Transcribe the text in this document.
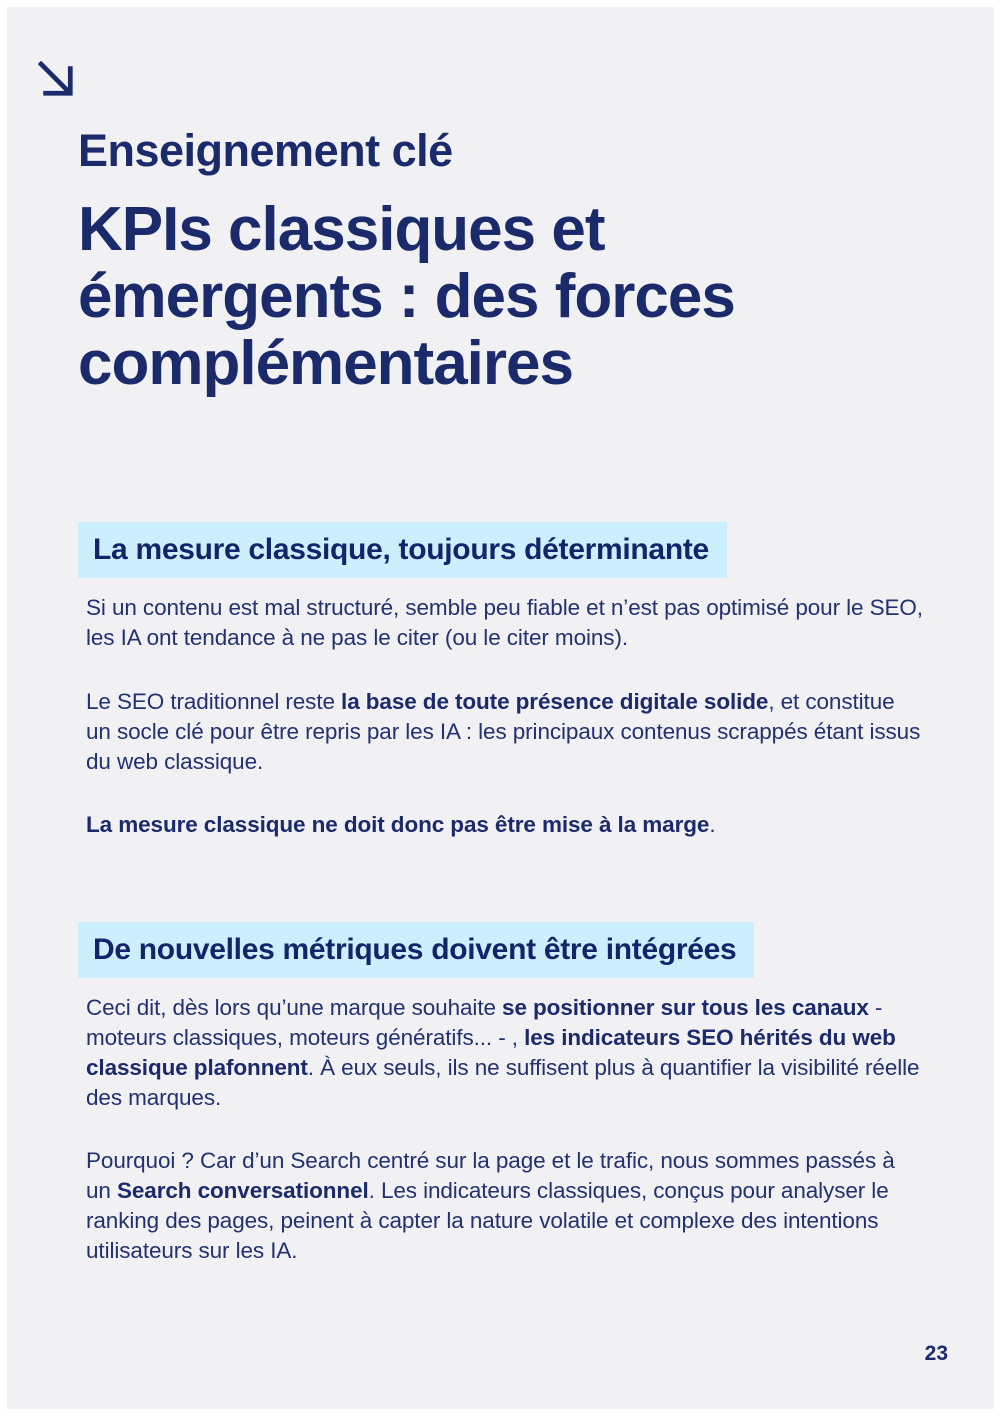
Enseignement clé
KPIs classiques et
émergents : des forces
complémentaires
La mesure classique, toujours déterminante

Si un contenu est mal structuré, semble peu fiable et n’est pas optimisé pour le SEO, les IA ont tendance à ne pas le citer (ou le citer moins).

Le SEO traditionnel reste la base de toute présence digitale solide, et constitue un socle clé pour être repris par les IA : les principaux contenus scrappés étant issus du web classique.

La mesure classique ne doit donc pas être mise à la marge.

De nouvelles métriques doivent être intégrées

Ceci dit, dès lors qu’une marque souhaite se positionner sur tous les canaux - moteurs classiques, moteurs génératifs... - , les indicateurs SEO hérités du web classique plafonnent. À eux seuls, ils ne suffisent plus à quantifier la visibilité réelle des marques.

Pourquoi ? Car d’un Search centré sur la page et le trafic, nous sommes passés à un Search conversationnel. Les indicateurs classiques, conçus pour analyser le ranking des pages, peinent à capter la nature volatile et complexe des intentions utilisateurs sur les IA.

23
